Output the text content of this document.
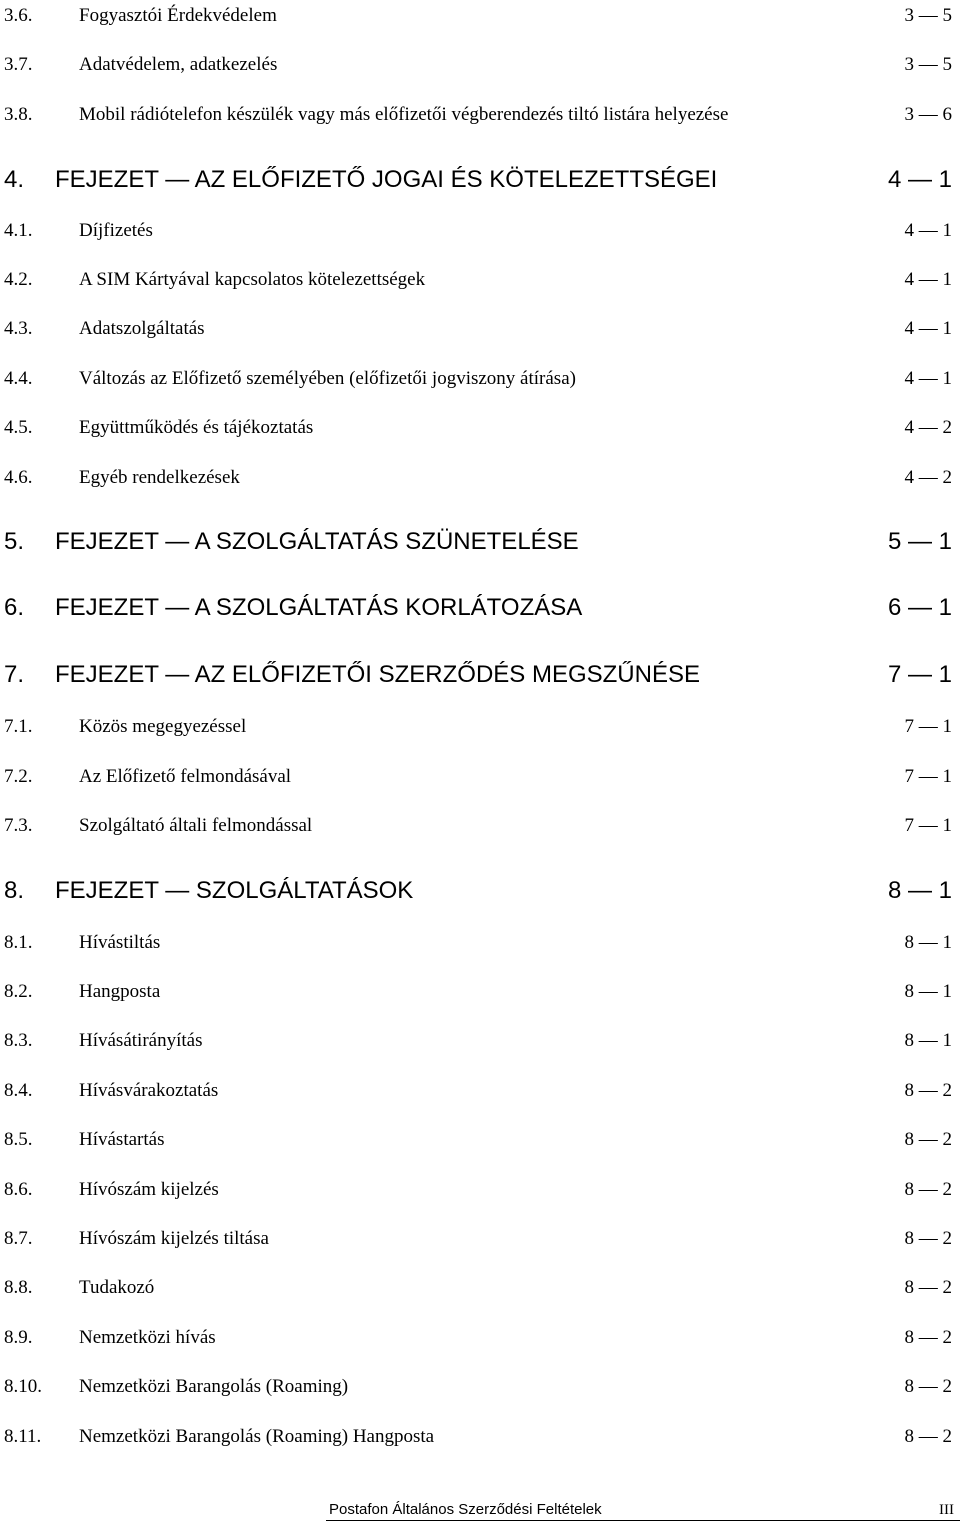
3.6. Fogyasztói Érdekvédelem	3 — 5
3.7. Adatvédelem, adatkezelés	3 — 5
3.8. Mobil rádiótelefon készülék vagy más előfizetői végberendezés tiltó listára helyezése	3 — 6
4. FEJEZET — AZ ELŐFIZETŐ JOGAI ÉS KÖTELEZETTSÉGEI	4 — 1
4.1. Díjfizetés	4 — 1
4.2. A SIM Kártyával kapcsolatos kötelezettségek	4 — 1
4.3. Adatszolgáltatás	4 — 1
4.4. Változás az Előfizető személyében (előfizetői jogviszony átírása)	4 — 1
4.5. Együttműködés és tájékoztatás	4 — 2
4.6. Egyéb rendelkezések	4 — 2
5. FEJEZET — A SZOLGÁLTATÁS SZÜNETELÉSE	5 — 1
6. FEJEZET — A SZOLGÁLTATÁS KORLÁTOZÁSA	6 — 1
7. FEJEZET — AZ ELŐFIZETŐI SZERZŐDÉS MEGSZŰNÉSE	7 — 1
7.1. Közös megegyezéssel	7 — 1
7.2. Az Előfizető felmondásával	7 — 1
7.3. Szolgáltató általi felmondással	7 — 1
8. FEJEZET — SZOLGÁLTATÁSOK	8 — 1
8.1. Hívástiltás	8 — 1
8.2. Hangposta	8 — 1
8.3. Hívásátirányítás	8 — 1
8.4. Hívásvárakoztatás	8 — 2
8.5. Hívástartás	8 — 2
8.6. Hívószám kijelzés	8 — 2
8.7. Hívószám kijelzés tiltása	8 — 2
8.8. Tudakozó	8 — 2
8.9. Nemzetközi hívás	8 — 2
8.10. Nemzetközi Barangolás (Roaming)	8 — 2
8.11. Nemzetközi Barangolás (Roaming) Hangposta	8 — 2
Postafon Általános Szerződési Feltételek	III
